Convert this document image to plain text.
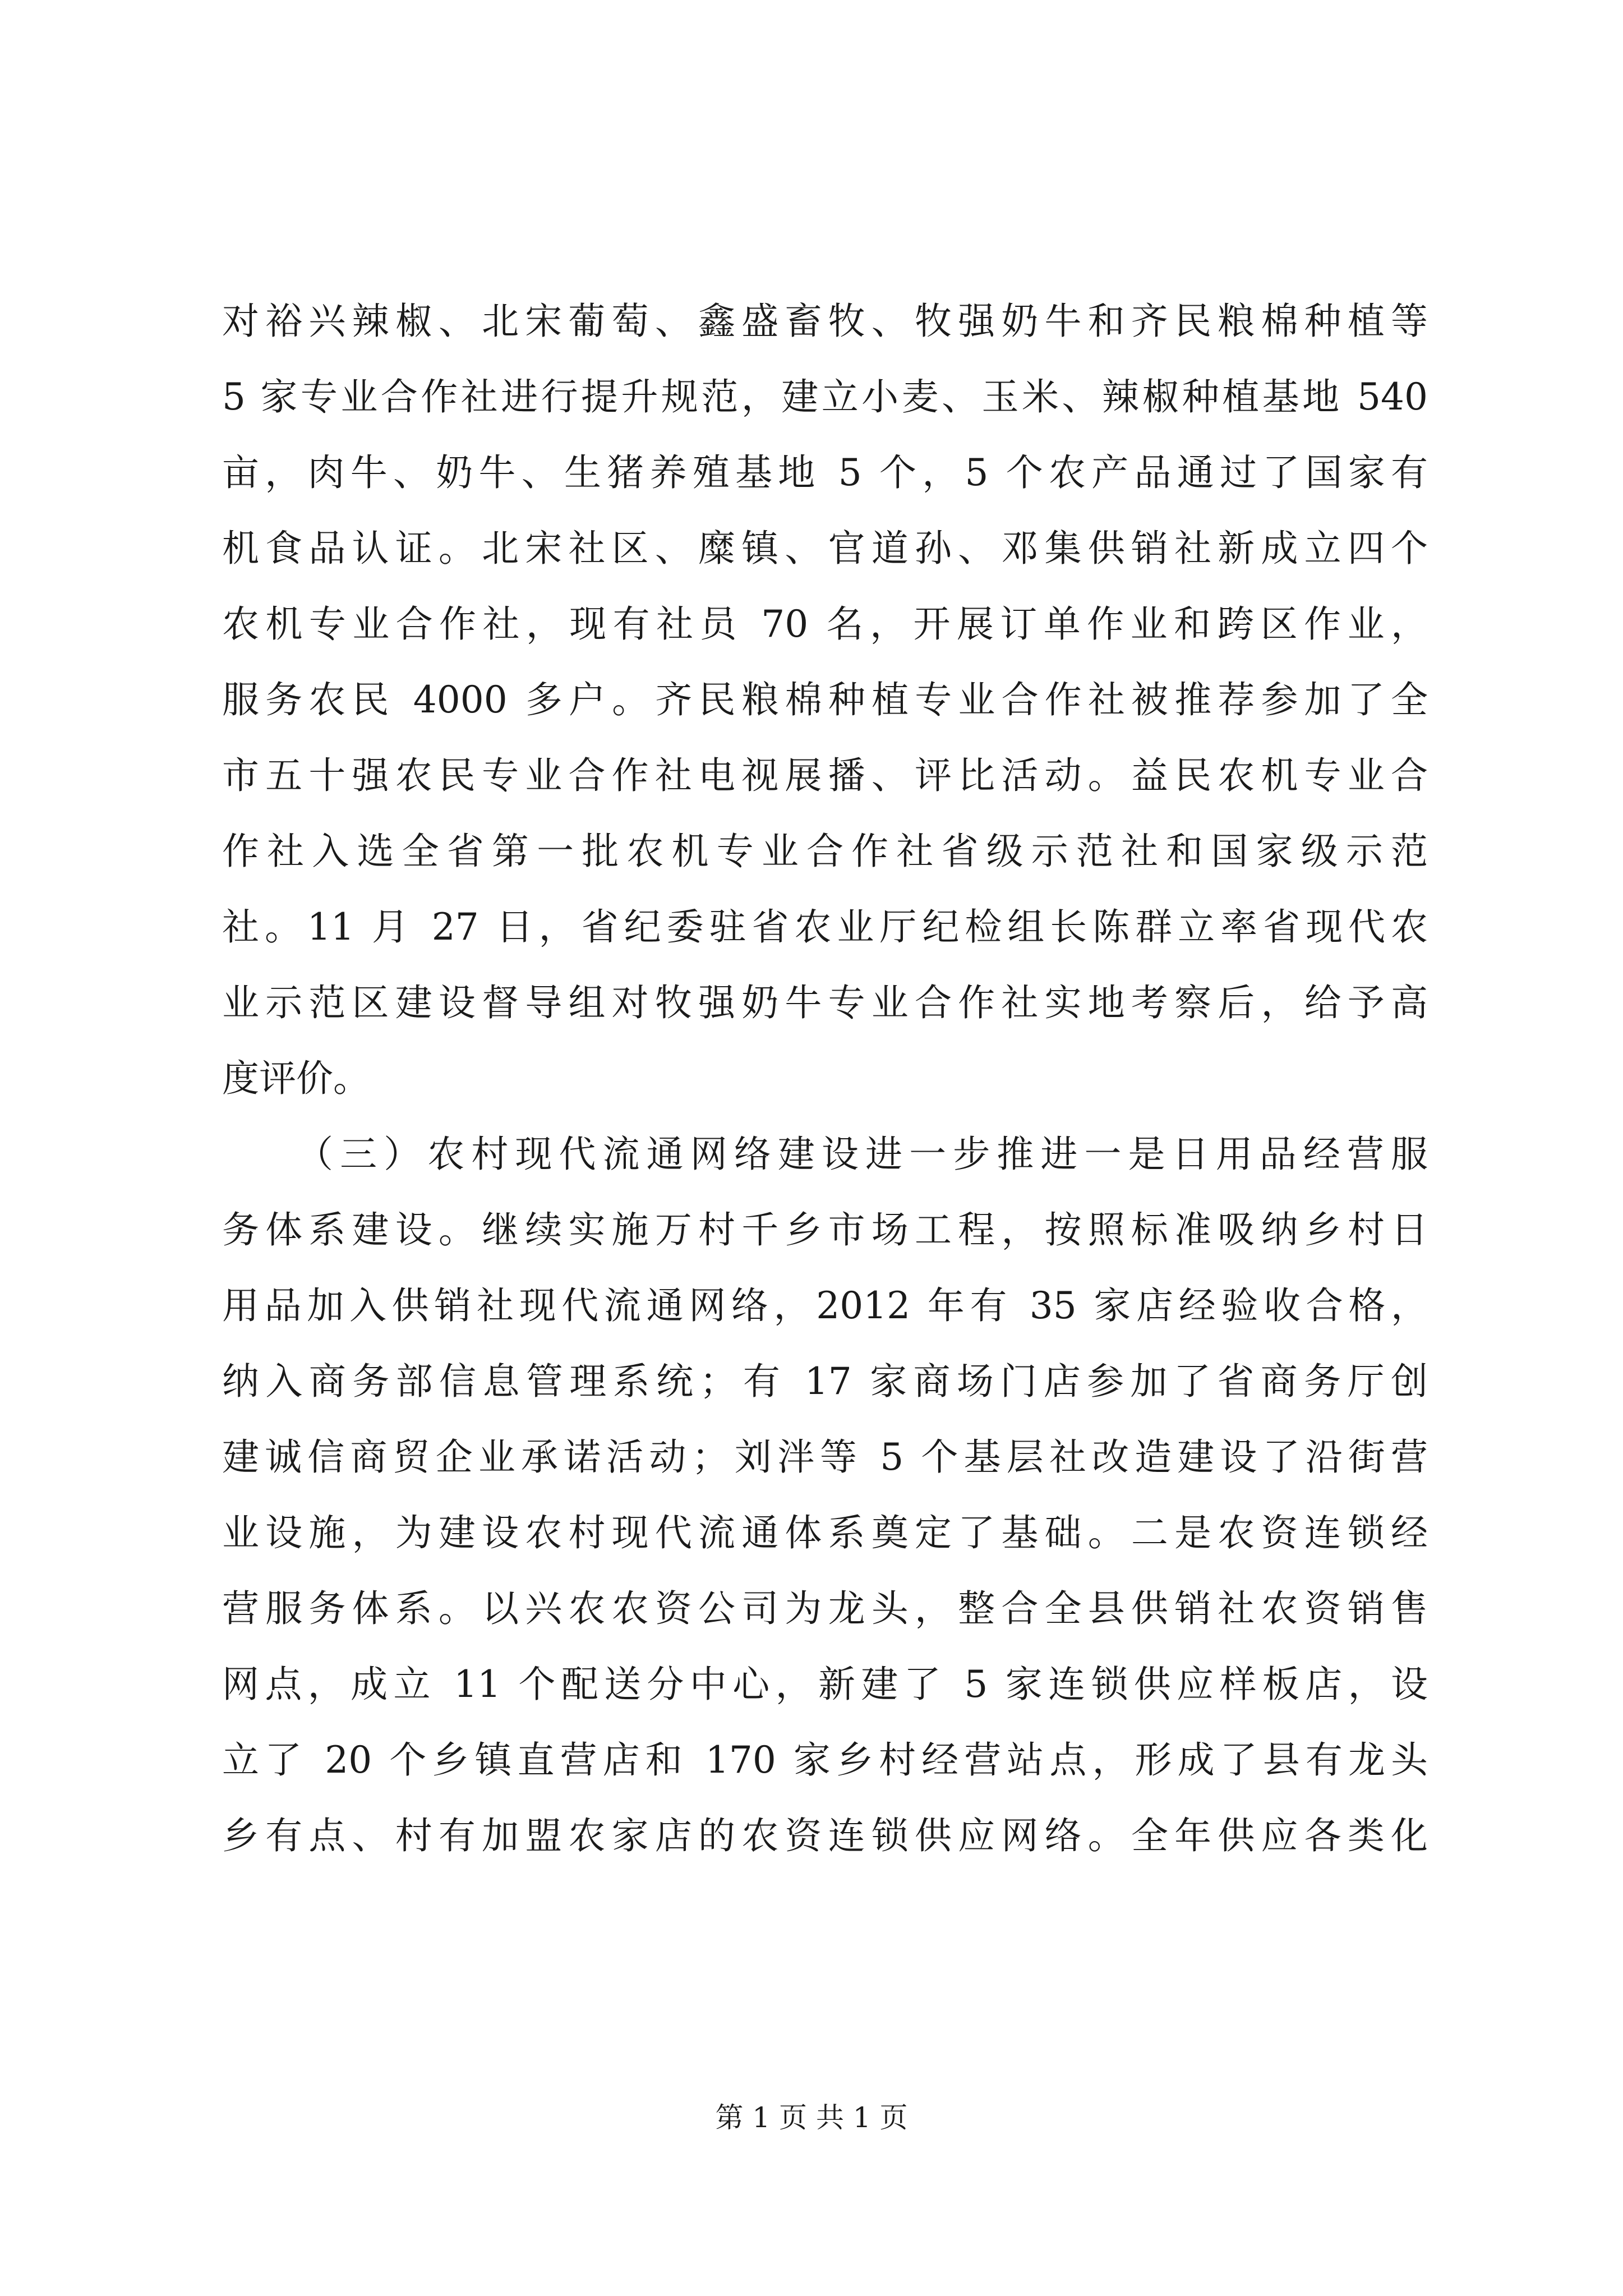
对裕兴辣椒、北宋葡萄、鑫盛畜牧、牧强奶牛和齐民粮棉种植等
5 家专业合作社进行提升规范，建立小麦、玉米、辣椒种植基地 540
亩，肉牛、奶牛、生猪养殖基地 5 个，5 个农产品通过了国家有
机食品认证。北宋社区、糜镇、官道孙、邓集供销社新成立四个
农机专业合作社，现有社员 70 名，开展订单作业和跨区作业，
服务农民 4000 多户。齐民粮棉种植专业合作社被推荐参加了全
市五十强农民专业合作社电视展播、评比活动。益民农机专业合
作社入选全省第一批农机专业合作社省级示范社和国家级示范
社。11 月 27 日，省纪委驻省农业厅纪检组长陈群立率省现代农
业示范区建设督导组对牧强奶牛专业合作社实地考察后，给予高
度评价。
（三）农村现代流通网络建设进一步推进一是日用品经营服
务体系建设。继续实施万村千乡市场工程，按照标准吸纳乡村日
用品加入供销社现代流通网络，2012 年有 35 家店经验收合格，
纳入商务部信息管理系统；有 17 家商场门店参加了省商务厅创
建诚信商贸企业承诺活动；刘泮等 5 个基层社改造建设了沿街营
业设施，为建设农村现代流通体系奠定了基础。二是农资连锁经
营服务体系。以兴农农资公司为龙头，整合全县供销社农资销售
网点，成立 11 个配送分中心，新建了 5 家连锁供应样板店，设
立了 20 个乡镇直营店和 170 家乡村经营站点，形成了县有龙头
乡有点、村有加盟农家店的农资连锁供应网络。全年供应各类化
第 1 页 共 1 页
